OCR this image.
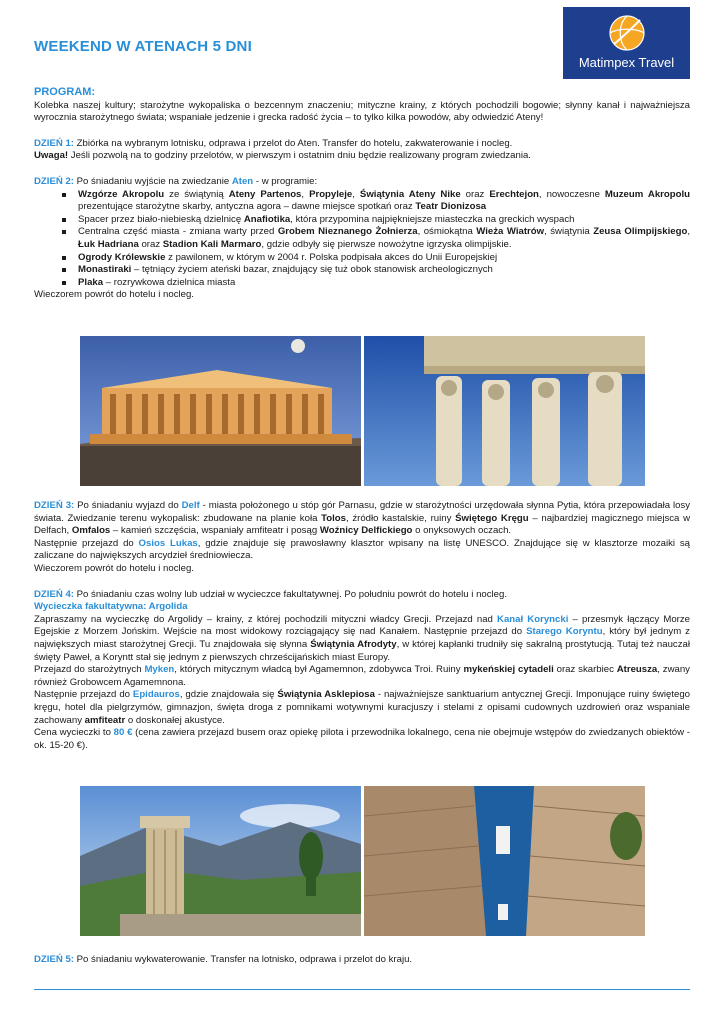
WEEKEND W ATENACH 5 DNI
Matimpex Travel

PROGRAM:

Kolebka naszej kultury; starożytne wykopaliska o bezcennym znaczeniu; mityczne krainy, z których pochodzili bogowie; słynny kanał i najważniejsza wyrocznia starożytnego świata; wspaniałe jedzenie i grecka radość życia – to tylko kilka powodów, aby odwiedzić Ateny!

DZIEŃ 1: Zbiórka na wybranym lotnisku, odprawa i przelot do Aten. Transfer do hotelu, zakwaterowanie i nocleg.
Uwaga! Jeśli pozwolą na to godziny przelotów, w pierwszym i ostatnim dniu będzie realizowany program zwiedzania.

DZIEŃ 2: Po śniadaniu wyjście na zwiedzanie Aten - w programie:

Wzgórze Akropolu ze świątynią Ateny Partenos, Propyleje, Świątynia Ateny Nike oraz Erechtejon, nowoczesne Muzeum Akropolu prezentujące starożytne skarby, antyczna agora – dawne miejsce spotkań oraz Teatr Dionizosa
Spacer przez biało-niebieską dzielnicę Anafiotika, która przypomina najpiękniejsze miasteczka na greckich wyspach
Centralna część miasta - zmiana warty przed Grobem Nieznanego Żołnierza, ośmiokątna Wieża Wiatrów, świątynia Zeusa Olimpijskiego, Łuk Hadriana oraz Stadion Kali Marmaro, gdzie odbyły się pierwsze nowożytne igrzyska olimpijskie.
Ogrody Królewskie z pawilonem, w którym w 2004 r. Polska podpisała akces do Unii Europejskiej
Monastiraki – tętniący życiem ateński bazar, znajdujący się tuż obok stanowisk archeologicznych
Plaka – rozrywkowa dzielnica miasta

Wieczorem powrót do hotelu i nocleg.

DZIEŃ 3: Po śniadaniu wyjazd do Delf - miasta położonego u stóp gór Parnasu, gdzie w starożytności urzędowała słynna Pytia, która przepowiadała losy świata. Zwiedzanie terenu wykopalisk: zbudowane na planie koła Tolos, źródło kastalskie, ruiny Świętego Kręgu – najbardziej magicznego miejsca w Delfach, Omfalos – kamień szczęścia, wspaniały amfiteatr i posąg Woźnicy Delfickiego o onyksowych oczach.
Następnie przejazd do Osios Lukas, gdzie znajduje się prawosławny klasztor wpisany na listę UNESCO. Znajdujące się w klasztorze mozaiki są zaliczane do największych arcydzieł średniowiecza.
Wieczorem powrót do hotelu i nocleg.

DZIEŃ 4: Po śniadaniu czas wolny lub udział w wycieczce fakultatywnej. Po południu powrót do hotelu i nocleg.
Wycieczka fakultatywna: Argolida
Zapraszamy na wycieczkę do Argolidy – krainy, z której pochodzili mityczni władcy Grecji. Przejazd nad Kanał Koryncki – przesmyk łączący Morze Egejskie z Morzem Jońskim. Wejście na most widokowy rozciągający się nad Kanałem. Następnie przejazd do Starego Koryntu, który był jednym z największych miast starożytnej Grecji. Tu znajdowała się słynna Świątynia Afrodyty, w której kapłanki trudniły się sakralną prostytucją. Tutaj też nauczał święty Paweł, a Koryntt stał się jednym z pierwszych chrześcijańskich miast Europy.
Przejazd do starożytnych Myken, których mitycznym władcą był Agamemnon, zdobywca Troi. Ruiny mykeńskiej cytadeli oraz skarbiec Atreusza, zwany również Grobowcem Agamemnona.
Następnie przejazd do Epidauros, gdzie znajdowała się Świątynia Asklepiosa - najważniejsze sanktuarium antycznej Grecji. Imponujące ruiny świętego kręgu, hotel dla pielgrzymów, gimnazjon, święta droga z pomnikami wotywnymi kuracjuszy i stelami z opisami cudownych uzdrowień oraz wspaniale zachowany amfiteatr o doskonałej akustyce.
Cena wycieczki to 80 € (cena zawiera przejazd busem oraz opiekę pilota i przewodnika lokalnego, cena nie obejmuje wstępów do zwiedzanych obiektów - ok. 15-20 €).

DZIEŃ 5: Po śniadaniu wykwaterowanie. Transfer na lotnisko, odprawa i przelot do kraju.
